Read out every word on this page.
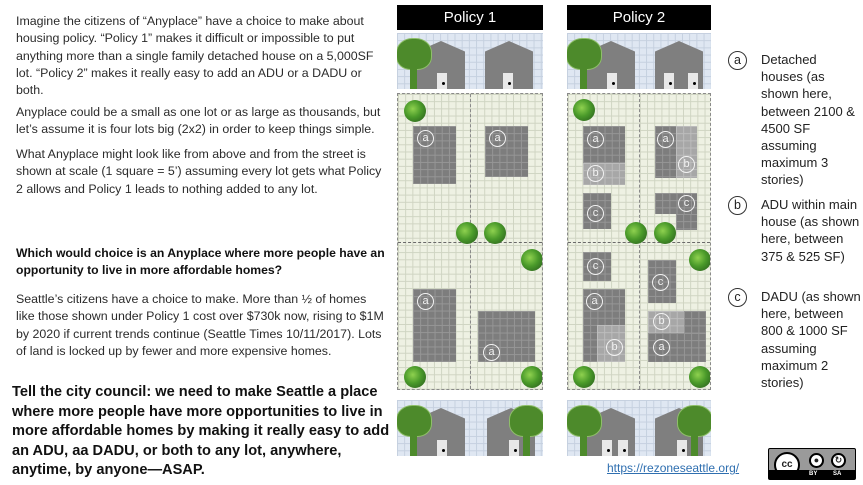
Imagine the citizens of “Anyplace” have a choice to make about housing policy. “Policy 1” makes it difficult or impossible to put anything more than a single family detached house on a 5,000SF lot. “Policy 2” makes it really easy to add an ADU or a DADU or both.
Anyplace could be a small as one lot or as large as thousands, but let’s assume it is four lots big (2x2) in order to keep things simple.
What Anyplace might look like from above and from the street is shown at scale (1 square = 5’) assuming every lot gets what Policy 2 allows and Policy 1 leads to nothing added to any lot.
Which would choice is an Anyplace where more people have an opportunity to live in more affordable homes?
Seattle’s citizens have a choice to make. More than ½ of homes like those shown under Policy 1 cost over $730k now, rising to $1M by 2020 if current trends continue (Seattle Times 10/11/2017). Lots of land is locked up by fewer and more expensive homes.
Tell the city council: we need to make Seattle a place where more people have more opportunities to live in more affordable homes by making it really easy to add an ADU, aa DADU, or both to any lot, anywhere, anytime, by anyone—ASAP.
Policy 1
a	a
a
a
Policy 2
a
b
c
a
b
c
c
a
b
c
b
a
a	Detached houses (as shown here, between 2100 & 4500 SF assuming maximum 3 stories)
b	ADU within main house (as shown here, between 375 & 525 SF)
c	DADU (as shown here, between 800 & 1000 SF assuming maximum 2 stories)
https://rezoneseattle.org/	cc	●	↻
BY	SA
